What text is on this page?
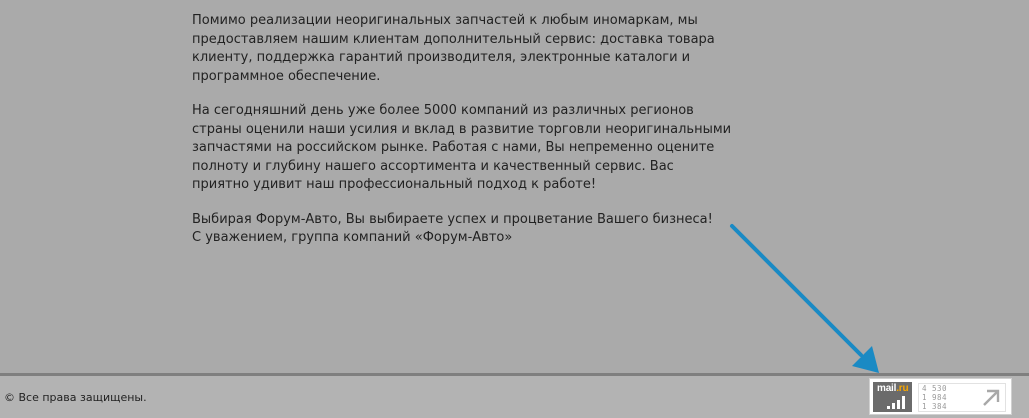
Помимо реализации неоригинальных запчастей к любым иномаркам, мы предоставляем нашим клиентам дополнительный сервис: доставка товара клиенту, поддержка гарантий производителя, электронные каталоги и программное обеспечение.

На сегодняшний день уже более 5000 компаний из различных регионов страны оценили наши усилия и вклад в развитие торговли неоригинальными запчастями на российском рынке. Работая с нами, Вы непременно оцените полноту и глубину нашего ассортимента и качественный сервис. Вас приятно удивит наш профессиональный подход к работе!

Выбирая Форум-Авто, Вы выбираете успех и процветание Вашего бизнеса!
С уважением, группа компаний «Форум-Авто»

© Все права защищены.
mail.ru 4 530
1 984
1 384
